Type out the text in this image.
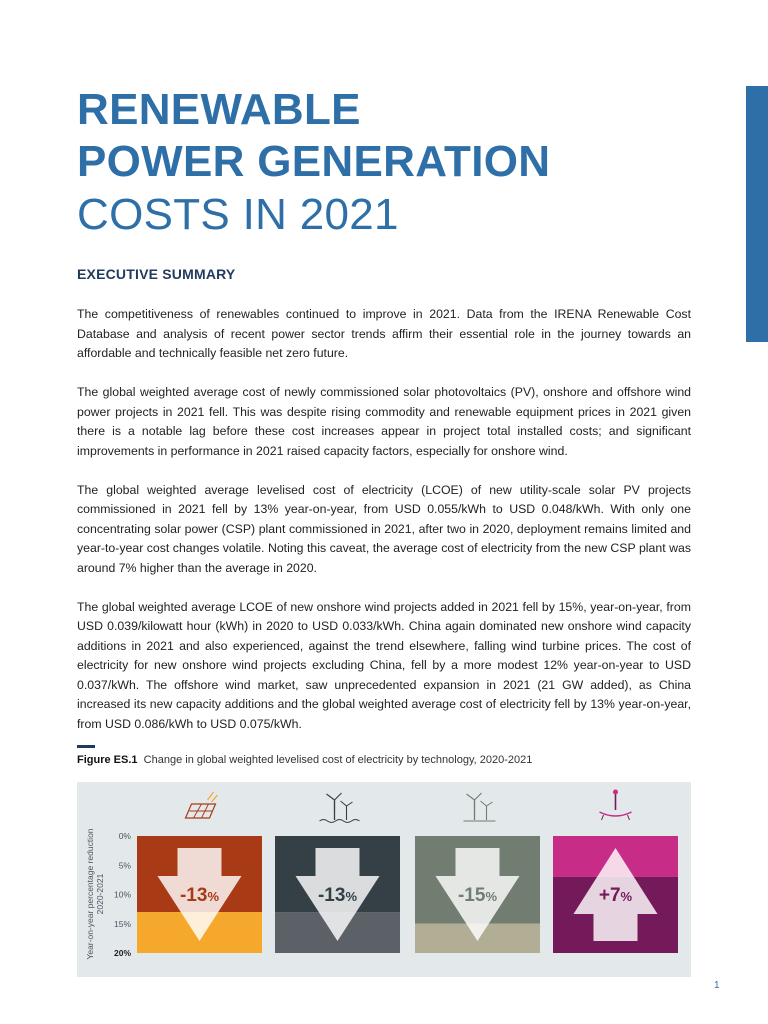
RENEWABLE
POWER GENERATION
COSTS IN 2021
EXECUTIVE SUMMARY

The competitiveness of renewables continued to improve in 2021. Data from the IRENA Renewable Cost Database and analysis of recent power sector trends affirm their essential role in the journey towards an affordable and technically feasible net zero future.

The global weighted average cost of newly commissioned solar photovoltaics (PV), onshore and offshore wind power projects in 2021 fell. This was despite rising commodity and renewable equipment prices in 2021 given there is a notable lag before these cost increases appear in project total installed costs; and significant improvements in performance in 2021 raised capacity factors, especially for onshore wind.

The global weighted average levelised cost of electricity (LCOE) of new utility-scale solar PV projects commissioned in 2021 fell by 13% year-on-year, from USD 0.055/kWh to USD 0.048/kWh. With only one concentrating solar power (CSP) plant commissioned in 2021, after two in 2020, deployment remains limited and year-to-year cost changes volatile. Noting this caveat, the average cost of electricity from the new CSP plant was around 7% higher than the average in 2020.

The global weighted average LCOE of new onshore wind projects added in 2021 fell by 15%, year-on-year, from USD 0.039/kilowatt hour (kWh) in 2020 to USD 0.033/kWh. China again dominated new onshore wind capacity additions in 2021 and also experienced, against the trend elsewhere, falling wind turbine prices. The cost of electricity for new onshore wind projects excluding China, fell by a more modest 12% year-on-year to USD 0.037/kWh. The offshore wind market, saw unprecedented expansion in 2021 (21 GW added), as China increased its new capacity additions and the global weighted average cost of electricity fell by 13% year-on-year, from USD 0.086/kWh to USD 0.075/kWh.

Figure ES.1 Change in global weighted levelised cost of electricity by technology, 2020-2021
Year-on-year percentage reduction2020-2021
0%
5%
10%
15%
20%
-13%	-13%	-15%	+7%
1
